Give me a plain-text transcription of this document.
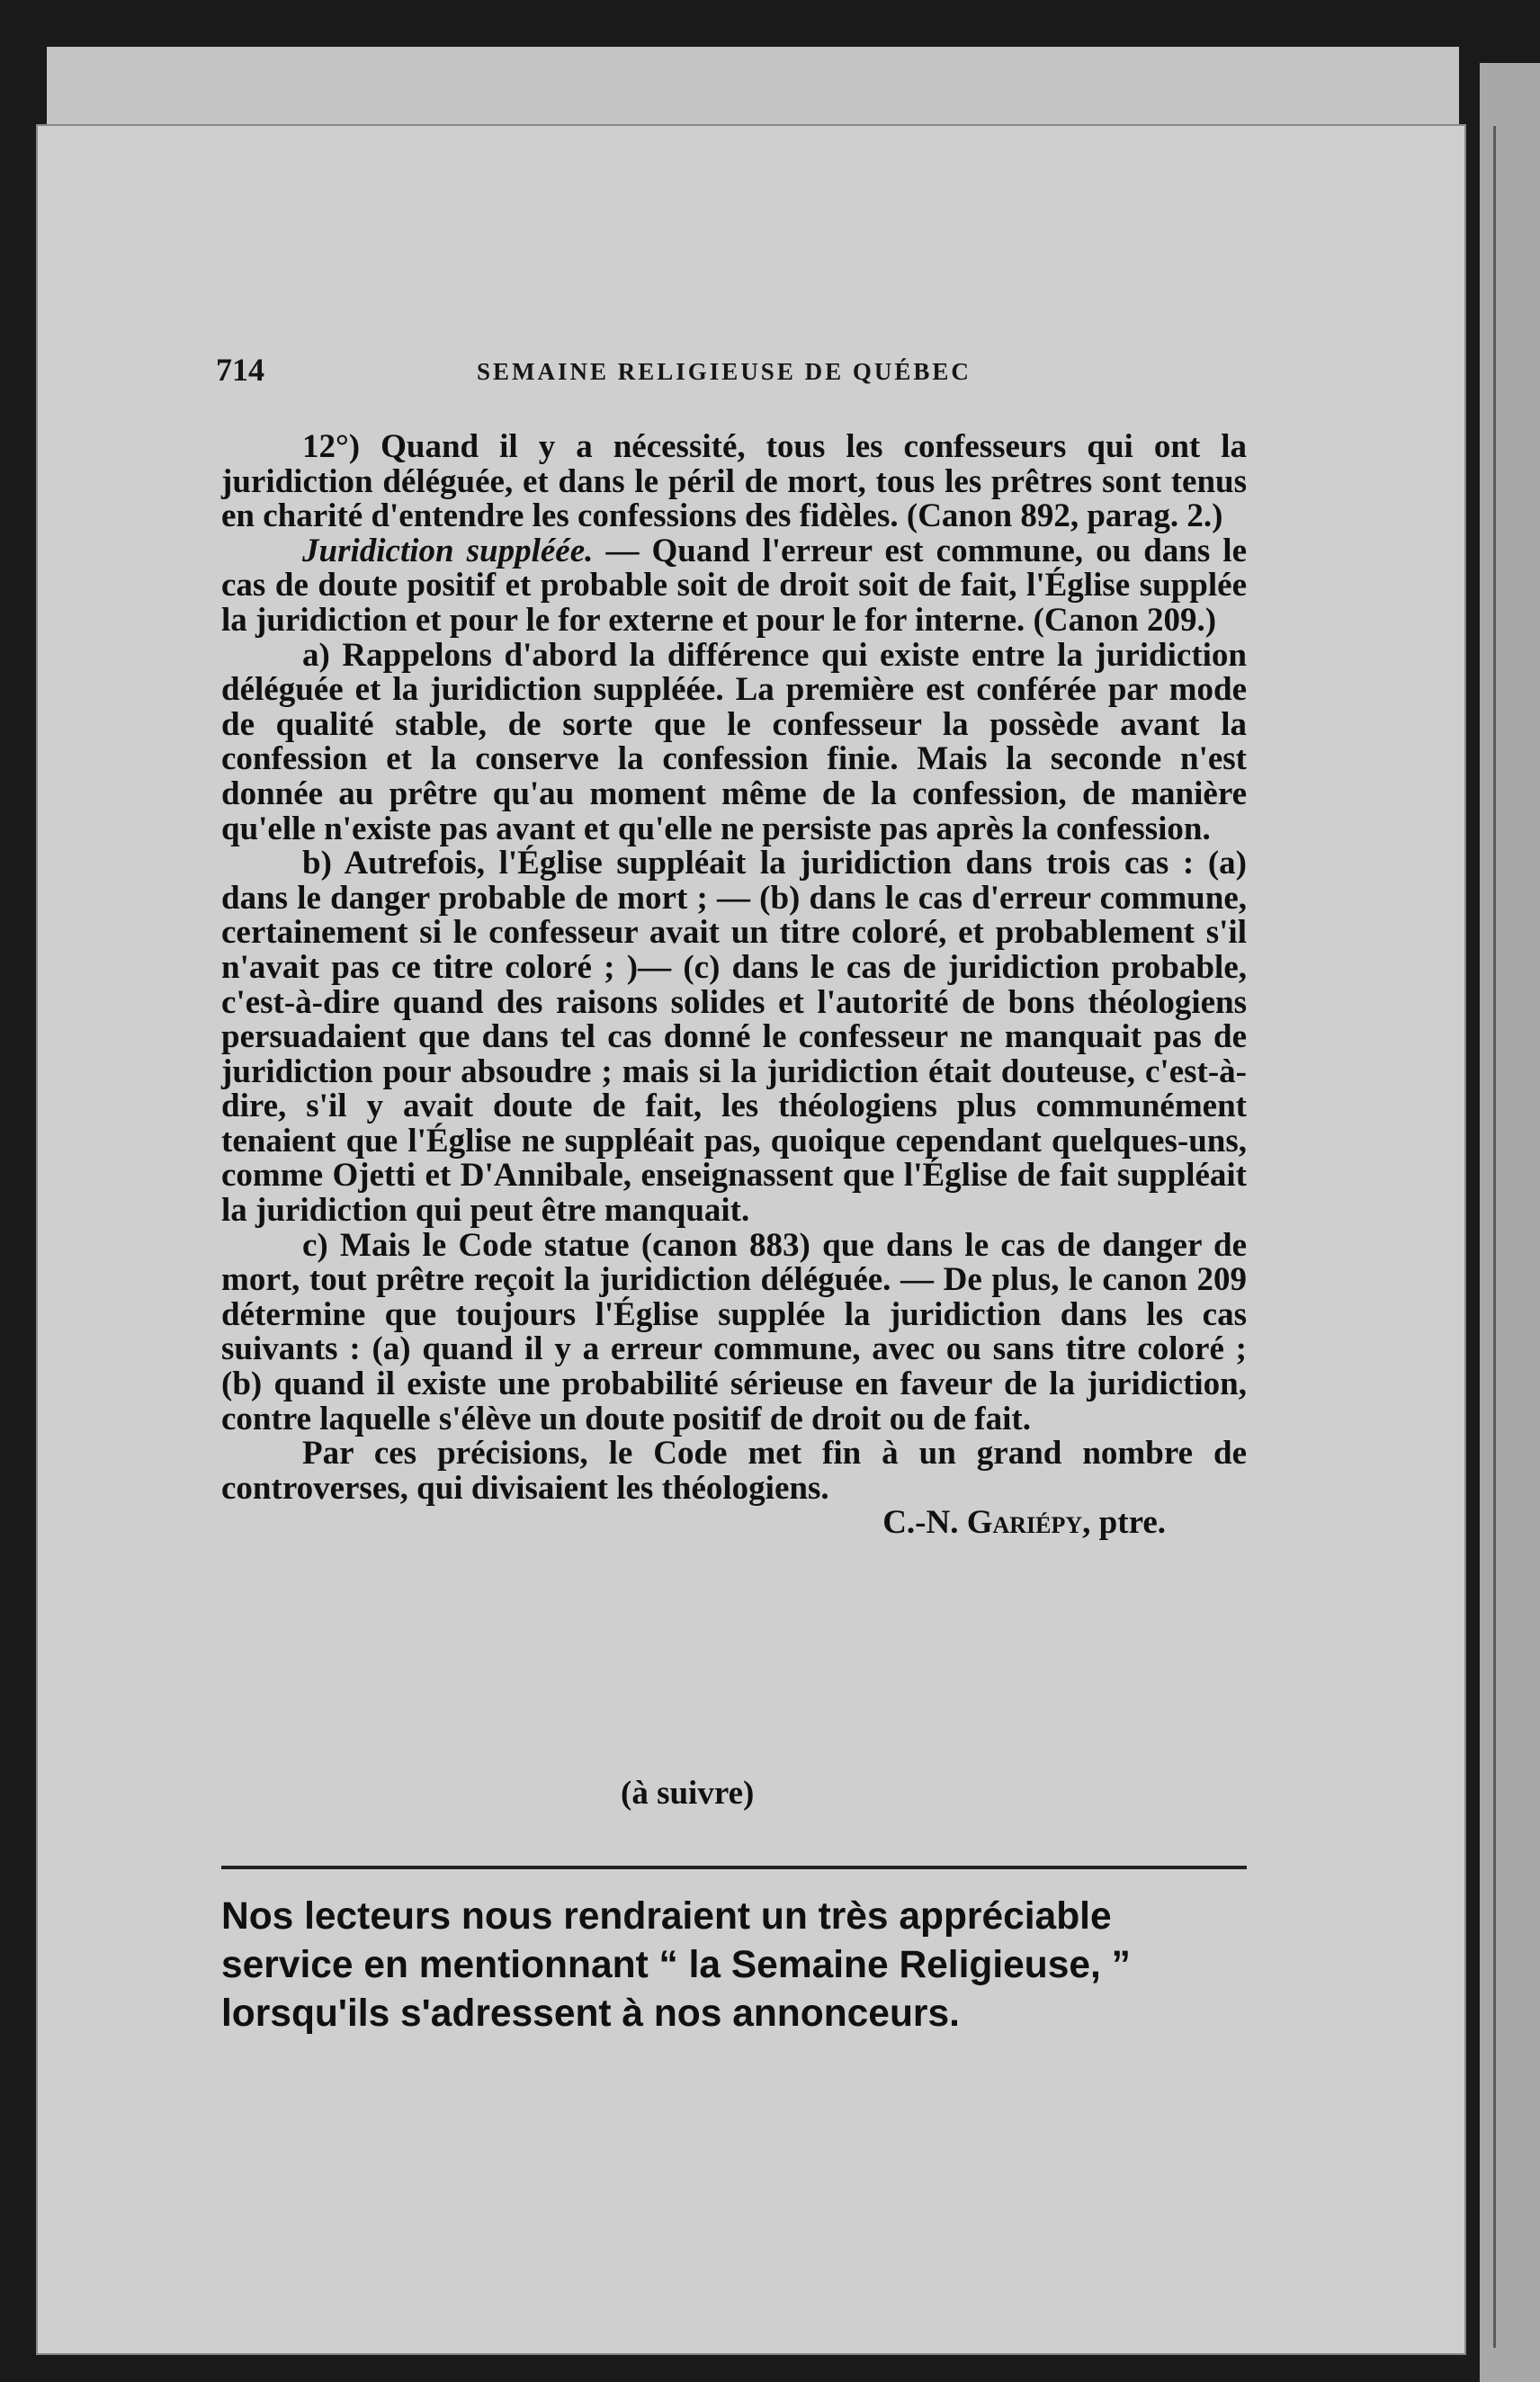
714	SEMAINE RELIGIEUSE DE QUÉBEC

12°) Quand il y a nécessité, tous les confesseurs qui ont la juridiction déléguée, et dans le péril de mort, tous les prêtres sont tenus en charité d'entendre les confessions des fidèles. (Canon 892, parag. 2.)

Juridiction suppléée. — Quand l'erreur est commune, ou dans le cas de doute positif et probable soit de droit soit de fait, l'Église supplée la juridiction et pour le for externe et pour le for interne. (Canon 209.)

a) Rappelons d'abord la différence qui existe entre la juridiction déléguée et la juridiction suppléée. La première est conférée par mode de qualité stable, de sorte que le confesseur la possède avant la confession et la conserve la confession finie. Mais la seconde n'est donnée au prêtre qu'au moment même de la confession, de manière qu'elle n'existe pas avant et qu'elle ne persiste pas après la confession.

b) Autrefois, l'Église suppléait la juridiction dans trois cas : (a) dans le danger probable de mort ; — (b) dans le cas d'erreur commune, certainement si le confesseur avait un titre coloré, et probablement s'il n'avait pas ce titre coloré ; )— (c) dans le cas de juridiction probable, c'est-à-dire quand des raisons solides et l'autorité de bons théologiens persuadaient que dans tel cas donné le confesseur ne manquait pas de juridiction pour absoudre ; mais si la juridiction était douteuse, c'est-à-dire, s'il y avait doute de fait, les théologiens plus communément tenaient que l'Église ne suppléait pas, quoique cependant quelques-uns, comme Ojetti et D'Annibale, enseignassent que l'Église de fait suppléait la juridiction qui peut être manquait.

c) Mais le Code statue (canon 883) que dans le cas de danger de mort, tout prêtre reçoit la juridiction déléguée. — De plus, le canon 209 détermine que toujours l'Église supplée la juridiction dans les cas suivants : (a) quand il y a erreur commune, avec ou sans titre coloré ; (b) quand il existe une probabilité sérieuse en faveur de la juridiction, contre laquelle s'élève un doute positif de droit ou de fait.

Par ces précisions, le Code met fin à un grand nombre de controverses, qui divisaient les théologiens.

C.-N. Gariépy, ptre.

(à suivre)
Nos lecteurs nous rendraient un très appréciable
service en mentionnant “ la Semaine Religieuse, ”
lorsqu'ils s'adressent à nos annonceurs.
